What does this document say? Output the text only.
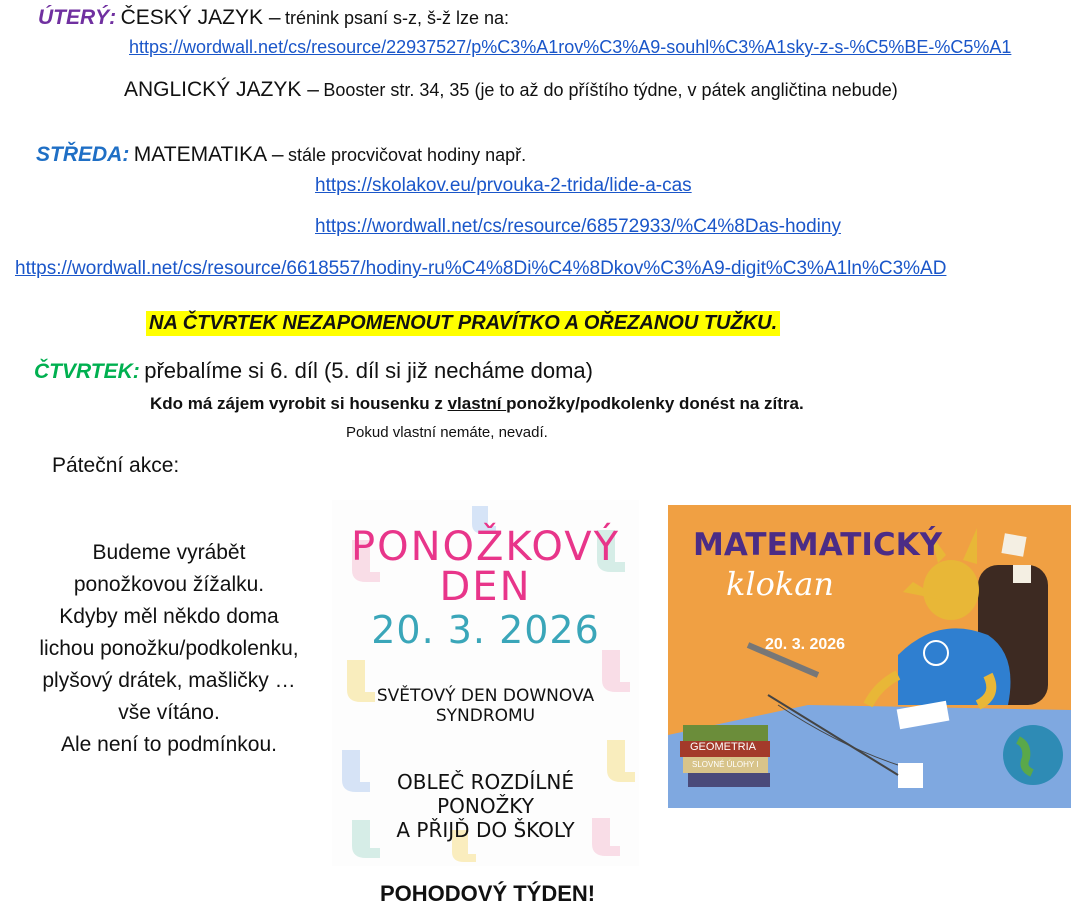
ÚTERÝ: ČESKÝ JAZYK – trénink psaní s-z, š-ž lze na:
https://wordwall.net/cs/resource/22937527/p%C3%A1rov%C3%A9-souhl%C3%A1sky-z-s-%C5%BE-%C5%A1
ANGLICKÝ JAZYK – Booster str. 34, 35 (je to až do příštího týdne, v pátek angličtina nebude)
STŘEDA: MATEMATIKA – stále procvičovat hodiny např.
https://skolakov.eu/prvouka-2-trida/lide-a-cas
https://wordwall.net/cs/resource/68572933/%C4%8Das-hodiny
https://wordwall.net/cs/resource/6618557/hodiny-ru%C4%8Di%C4%8Dkov%C3%A9-digit%C3%A1ln%C3%AD
NA ČTVRTEK NEZAPOMENOUT PRAVÍTKO A OŘEZANOU TUŽKU.
ČTVRTEK: přebalíme si 6. díl (5. díl si již necháme doma)
Kdo má zájem vyrobit si housenku z vlastní ponožky/podkolenky donést na zítra.
Pokud vlastní nemáte, nevadí.
Páteční akce:
Budeme vyrábět
ponožkovou žížalku.
Kdyby měl někdo doma
lichou ponožku/podkolenku,
plyšový drátek, mašličky …
vše vítáno.
Ale není to podmínkou.
PONOŽKOVÝ
DEN
20. 3. 2026
SVĚTOVÝ DEN DOWNOVA
SYNDROMU
OBLEČ ROZDÍLNÉ
PONOŽKY
A PŘIJĎ DO ŠKOLY
MATEMATICKÝ
klokan
20. 3. 2026
GEOMETRIA
SLOVNÉ ÚLOHY I
POHODOVÝ TÝDEN!
